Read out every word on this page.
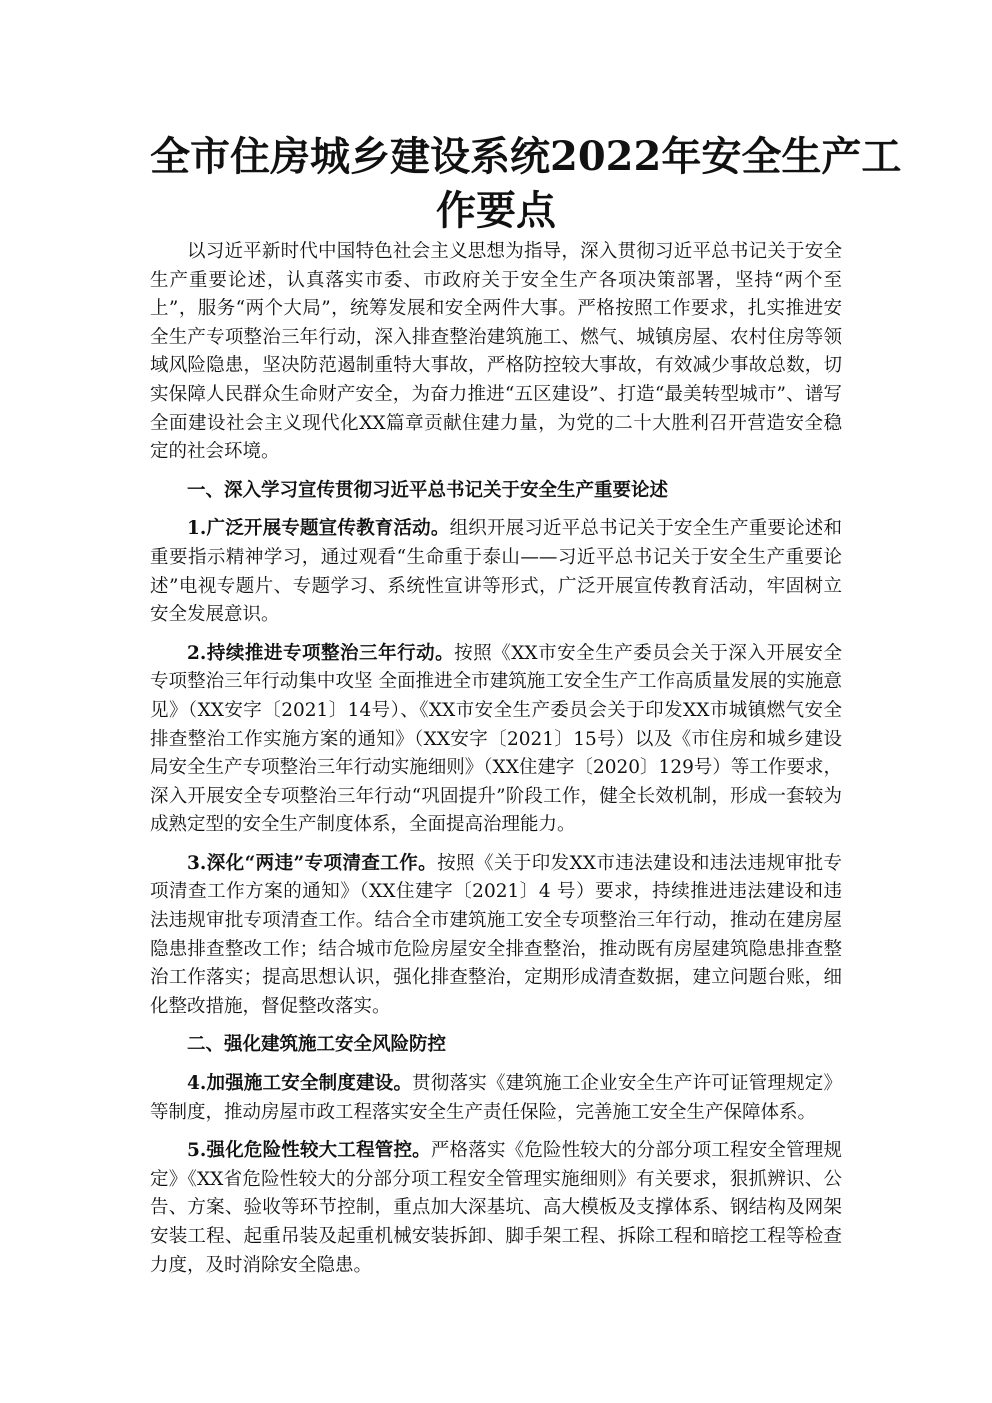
全市住房城乡建设系统2022年安全生产工
作要点

以习近平新时代中国特色社会主义思想为指导，深入贯彻习近平总书记关于安全生产重要论述，认真落实市委、市政府关于安全生产各项决策部署，坚持“两个至上”，服务“两个大局”，统筹发展和安全两件大事。严格按照工作要求，扎实推进安全生产专项整治三年行动，深入排查整治建筑施工、燃气、城镇房屋、农村住房等领域风险隐患，坚决防范遏制重特大事故，严格防控较大事故，有效减少事故总数，切实保障人民群众生命财产安全，为奋力推进“五区建设”、打造“最美转型城市”、谱写全面建设社会主义现代化XX篇章贡献住建力量，为党的二十大胜利召开营造安全稳定的社会环境。

一、深入学习宣传贯彻习近平总书记关于安全生产重要论述

1.广泛开展专题宣传教育活动。组织开展习近平总书记关于安全生产重要论述和重要指示精神学习，通过观看“生命重于泰山——习近平总书记关于安全生产重要论述”电视专题片、专题学习、系统性宣讲等形式，广泛开展宣传教育活动，牢固树立安全发展意识。

2.持续推进专项整治三年行动。按照《XX市安全生产委员会关于深入开展安全专项整治三年行动集中攻坚 全面推进全市建筑施工安全生产工作高质量发展的实施意见》（XX安字〔2021〕14号）、《XX市安全生产委员会关于印发XX市城镇燃气安全排查整治工作实施方案的通知》（XX安字〔2021〕15号）以及《市住房和城乡建设局安全生产专项整治三年行动实施细则》（XX住建字〔2020〕129号）等工作要求，深入开展安全专项整治三年行动“巩固提升”阶段工作，健全长效机制，形成一套较为成熟定型的安全生产制度体系，全面提高治理能力。

3.深化“两违”专项清查工作。按照《关于印发XX市违法建设和违法违规审批专项清查工作方案的通知》（XX住建字〔2021〕4 号）要求，持续推进违法建设和违法违规审批专项清查工作。结合全市建筑施工安全专项整治三年行动，推动在建房屋隐患排查整改工作；结合城市危险房屋安全排查整治，推动既有房屋建筑隐患排查整治工作落实；提高思想认识，强化排查整治，定期形成清查数据，建立问题台账，细化整改措施，督促整改落实。

二、强化建筑施工安全风险防控

4.加强施工安全制度建设。贯彻落实《建筑施工企业安全生产许可证管理规定》等制度，推动房屋市政工程落实安全生产责任保险，完善施工安全生产保障体系。

5.强化危险性较大工程管控。严格落实《危险性较大的分部分项工程安全管理规定》《XX省危险性较大的分部分项工程安全管理实施细则》有关要求，狠抓辨识、公告、方案、验收等环节控制，重点加大深基坑、高大模板及支撑体系、钢结构及网架安装工程、起重吊装及起重机械安装拆卸、脚手架工程、拆除工程和暗挖工程等检查力度，及时消除安全隐患。
